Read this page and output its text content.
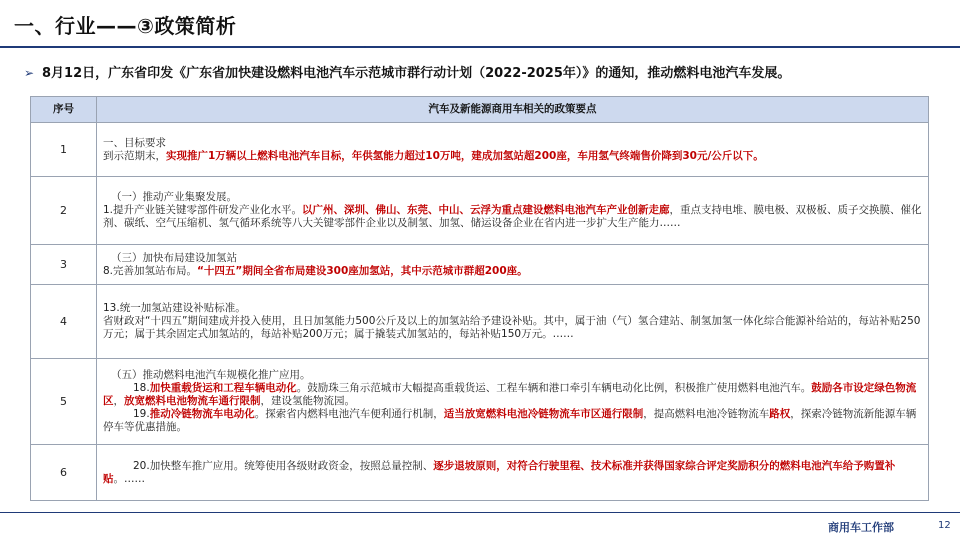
一、行业——③政策简析
➢ 8月12日，广东省印发《广东省加快建设燃料电池汽车示范城市群行动计划（2022-2025年）》的通知，推动燃料电池汽车发展。
序号	汽车及新能源商用车相关的政策要点
1	一、目标要求
到示范期末，实现推广1万辆以上燃料电池汽车目标，年供氢能力超过10万吨，建成加氢站超200座，车用氢气终端售价降到30元/公斤以下。
2	（一）推动产业集聚发展。
1.提升产业链关键零部件研发产业化水平。以广州、深圳、佛山、东莞、中山、云浮为重点建设燃料电池汽车产业创新走廊，重点支持电堆、膜电极、双极板、质子交换膜、催化剂、碳纸、空气压缩机、氢气循环系统等八大关键零部件企业以及制氢、加氢、储运设备企业在省内进一步扩大生产能力……
3	（三）加快布局建设加氢站
8.完善加氢站布局。“十四五”期间全省布局建设300座加氢站，其中示范城市群超200座。
4	13.统一加氢站建设补贴标准。
省财政对“十四五”期间建成并投入使用，且日加氢能力500公斤及以上的加氢站给予建设补贴。其中，属于油（气）氢合建站、制氢加氢一体化综合能源补给站的，每站补贴250万元；属于其余固定式加氢站的，每站补贴200万元；属于撬装式加氢站的，每站补贴150万元。……
5	（五）推动燃料电池汽车规模化推广应用。
18.加快重载货运和工程车辆电动化。鼓励珠三角示范城市大幅提高重载货运、工程车辆和港口牵引车辆电动化比例，积极推广使用燃料电池汽车。鼓励各市设定绿色物流区，放宽燃料电池物流车通行限制，建设氢能物流园。
19.推动冷链物流车电动化。探索省内燃料电池汽车便利通行机制，适当放宽燃料电池冷链物流车市区通行限制，提高燃料电池冷链物流车路权，探索冷链物流新能源车辆停车等优惠措施。

6	20.加快整车推广应用。统筹使用各级财政资金，按照总量控制、逐步退坡原则，对符合行驶里程、技术标准并获得国家综合评定奖励积分的燃料电池汽车给予购置补贴。……
商用车工作部	12
